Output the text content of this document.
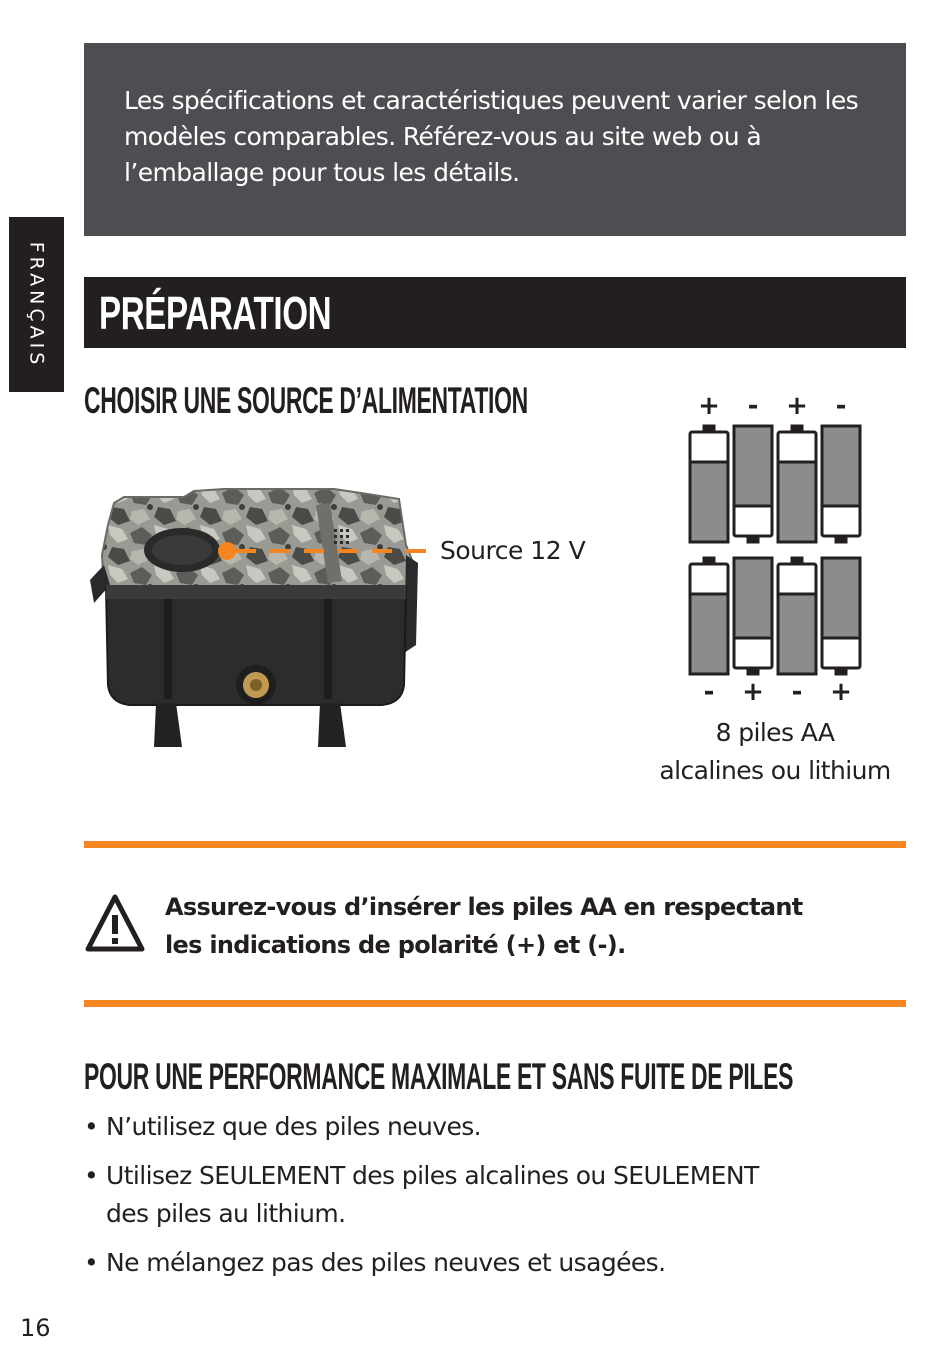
FRANÇAIS

Les spécifications et caractéristiques peuvent varier selon les modèles comparables. Référez-vous au site web ou à l’emballage pour tous les détails.

PRÉPARATION
CHOISIR UNE SOURCE D’ALIMENTATION
Source 12 V
+ - + -
- + - +
8 piles AA
alcalines ou lithium
Assurez-vous d’insérer les piles AA en respectant
les indications de polarité (+) et (-).
POUR UNE PERFORMANCE MAXIMALE ET SANS FUITE DE PILES
• N’utilisez que des piles neuves.
• Utilisez SEULEMENT des piles alcalines ou SEULEMENT
des piles au lithium.
• Ne mélangez pas des piles neuves et usagées.
16
